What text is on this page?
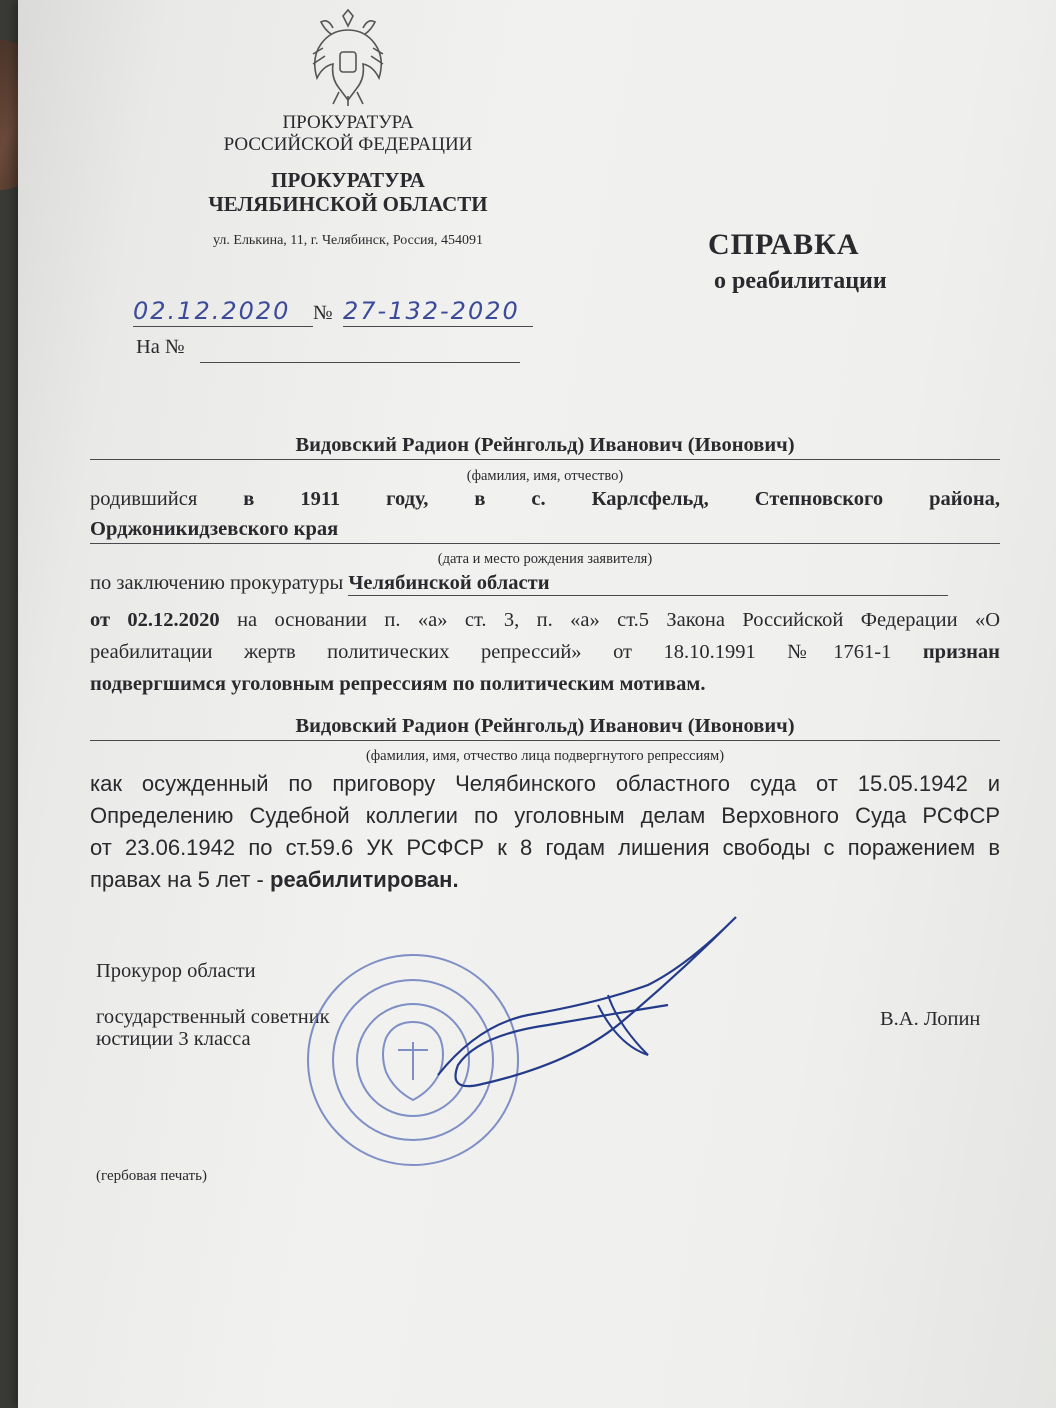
ПРОКУРАТУРА
РОССИЙСКОЙ ФЕДЕРАЦИИ
ПРОКУРАТУРА
ЧЕЛЯБИНСКОЙ ОБЛАСТИ
ул. Елькина, 11, г. Челябинск, Россия, 454091	СПРАВКА
о реабилитации
02.12.2020	№ 27-132-2020
На №
Видовский Радион (Рейнгольд) Иванович (Ивонович)
(фамилия, имя, отчество)
родившийся в 1911 году, в с. Карлсфельд, Степновского района,
Орджоникидзевского края
(дата и место рождения заявителя)
по заключению прокуратуры Челябинской области
от 02.12.2020 на основании п. «а» ст. 3, п. «а» ст.5 Закона Российской Федерации «О
реабилитации жертв политических репрессий» от 18.10.1991 №1761-1 признан
подвергшимся уголовным репрессиям по политическим мотивам.
Видовский Радион (Рейнгольд) Иванович (Ивонович)
(фамилия, имя, отчество лица подвергнутого репрессиям)
как осужденный по приговору Челябинского областного суда от 15.05.1942 и
Определению Судебной коллегии по уголовным делам Верховного Суда РСФСР
от 23.06.1942 по ст.59.6 УК РСФСР к 8 годам лишения свободы с поражением в
правах на 5 лет - реабилитирован.
Прокурор области
государственный советник
юстиции 3 класса
В.А. Лопин
(гербовая печать)
